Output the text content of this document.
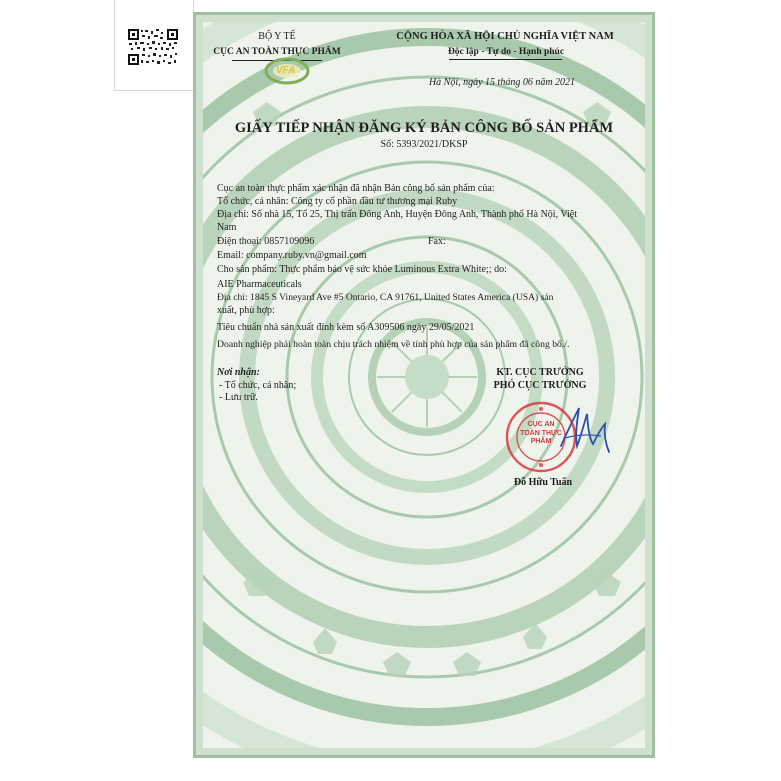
BỘ Y TẾ
CỤC AN TOÀN THỰC PHẨM
VFA
CỘNG HÒA XÃ HỘI CHỦ NGHĨA VIỆT NAM
Độc lập - Tự do - Hạnh phúc
Hà Nội, ngày 15 tháng 06 năm 2021
GIẤY TIẾP NHẬN ĐĂNG KÝ BẢN CÔNG BỐ SẢN PHẨM
Số: 5393/2021/DKSP
Cục an toàn thực phẩm xác nhận đã nhận Bản công bố sản phẩm của:
Tổ chức, cá nhân: Công ty cổ phần đầu tư thương mại Ruby
Địa chỉ: Số nhà 15, Tổ 25, Thị trấn Đông Anh, Huyện Đông Anh, Thành phố Hà Nội, Việt
Nam
Điện thoại: 0857109096	Fax:
Email: company.ruby.vn@gmail.com
Cho sản phẩm: Thực phẩm bảo vệ sức khỏe Luminous Extra White;; do:
AIE Pharmaceuticals
Địa chỉ: 1845 S Vineyard Ave #5 Ontario, CA 91761, United States America (USA) sản
xuất, phù hợp:
Tiêu chuẩn nhà sản xuất đính kèm số A309506 ngày 29/05/2021
Doanh nghiệp phải hoàn toàn chịu trách nhiệm về tính phù hợp của sản phẩm đã công bố./.
Nơi nhận:
- Tổ chức, cá nhân;
- Lưu trữ.
KT. CỤC TRƯỞNG
PHÓ CỤC TRƯỞNG
CỤC AN TOÀN THỰC PHẨM
Đỗ Hữu Tuấn
